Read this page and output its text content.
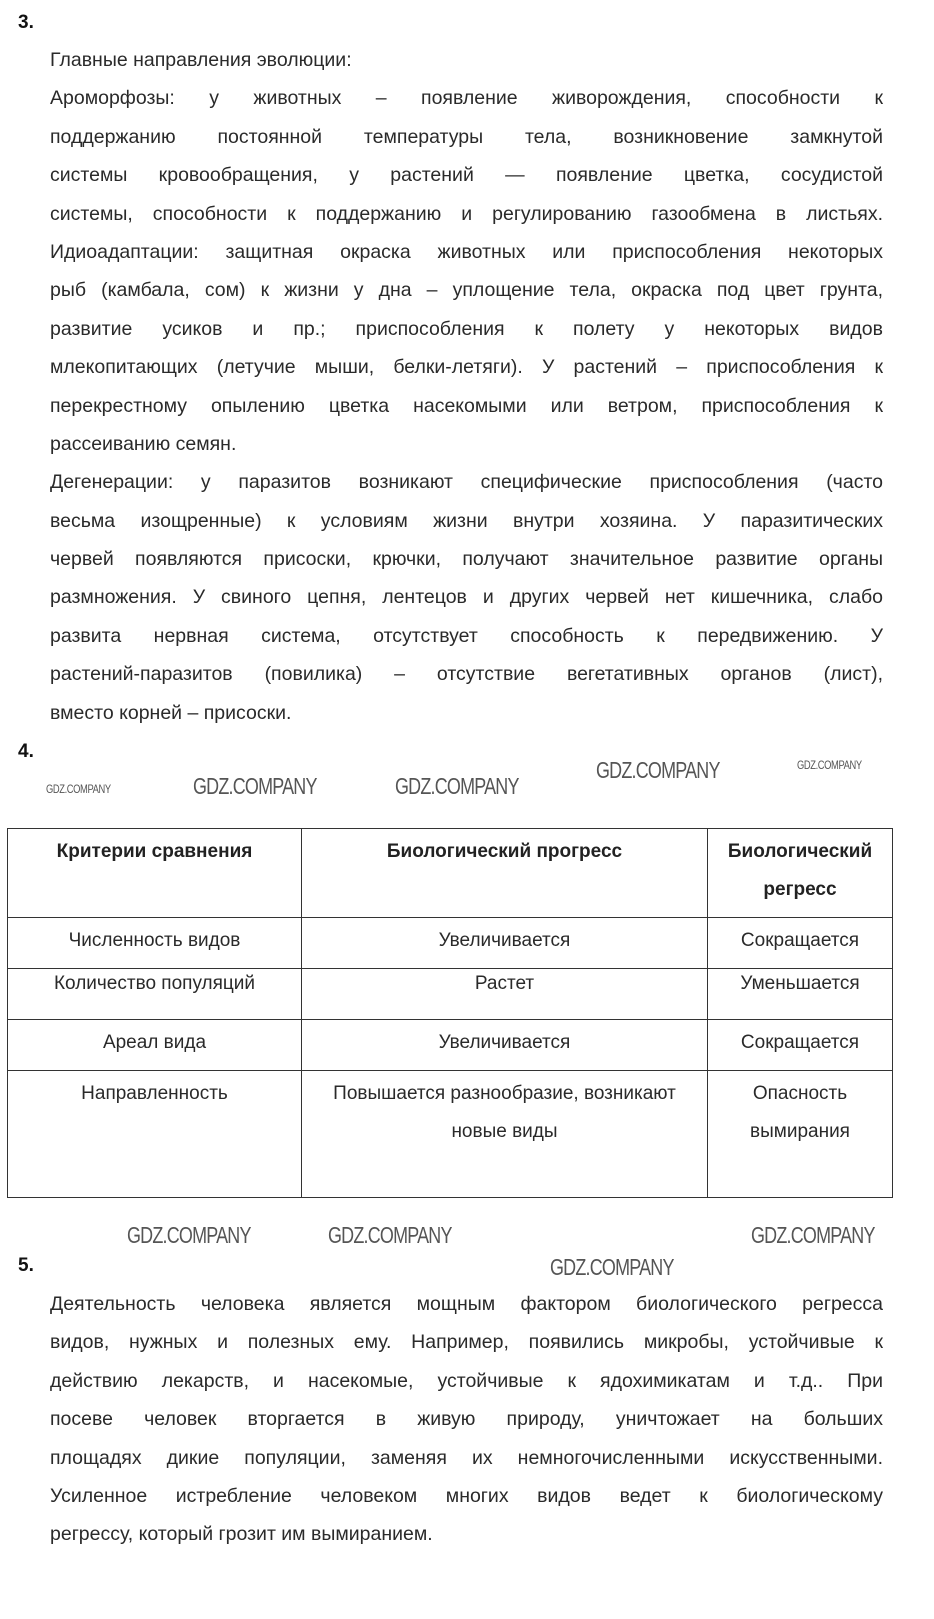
3.
Главные направления эволюции:
Ароморфозы: у животных – появление живорождения, способности к
поддержанию постоянной температуры тела, возникновение замкнутой
системы кровообращения, у растений — появление цветка, сосудистой
системы, способности к поддержанию и регулированию газообмена в листьях.
Идиоадаптации: защитная окраска животных или приспособления некоторых
рыб (камбала, сом) к жизни у дна – уплощение тела, окраска под цвет грунта,
развитие усиков и пр.; приспособления к полету у некоторых видов
млекопитающих (летучие мыши, белки-летяги). У растений – приспособления к
перекрестному опылению цветка насекомыми или ветром, приспособления к
рассеиванию семян.
Дегенерации: у паразитов возникают специфические приспособления (часто
весьма изощренные) к условиям жизни внутри хозяина. У паразитических
червей появляются присоски, крючки, получают значительное развитие органы
размножения. У свиного цепня, лентецов и других червей нет кишечника, слабо
развита нервная система, отсутствует способность к передвижению. У
растений-паразитов (повилика) – отсутствие вегетативных органов (лист),
вместо корней – присоски.
4.
Критерии сравнения	Биологический прогресс	Биологический регресс
Численность видов	Увеличивается	Сокращается
Количество популяций	Растет	Уменьшается
Ареал вида	Увеличивается	Сокращается
Направленность	Повышается разнообразие, возникают новые виды	Опасность вымирания
5.
Деятельность человека является мощным фактором биологического регресса
видов, нужных и полезных ему. Например, появились микробы, устойчивые к
действию лекарств, и насекомые, устойчивые к ядохимикатам и т.д.. При
посеве человек вторгается в живую природу, уничтожает на больших
площадях дикие популяции, заменяя их немногочисленными искусственными.
Усиленное истребление человеком многих видов ведет к биологическому
регрессу, который грозит им вымиранием.
GDZ.COMPANY	GDZ.COMPANY	GDZ.COMPANY
GDZ.COMPANY	GDZ.COMPANY
GDZ.COMPANY	GDZ.COMPANY	GDZ.COMPANY
GDZ.COMPANY
